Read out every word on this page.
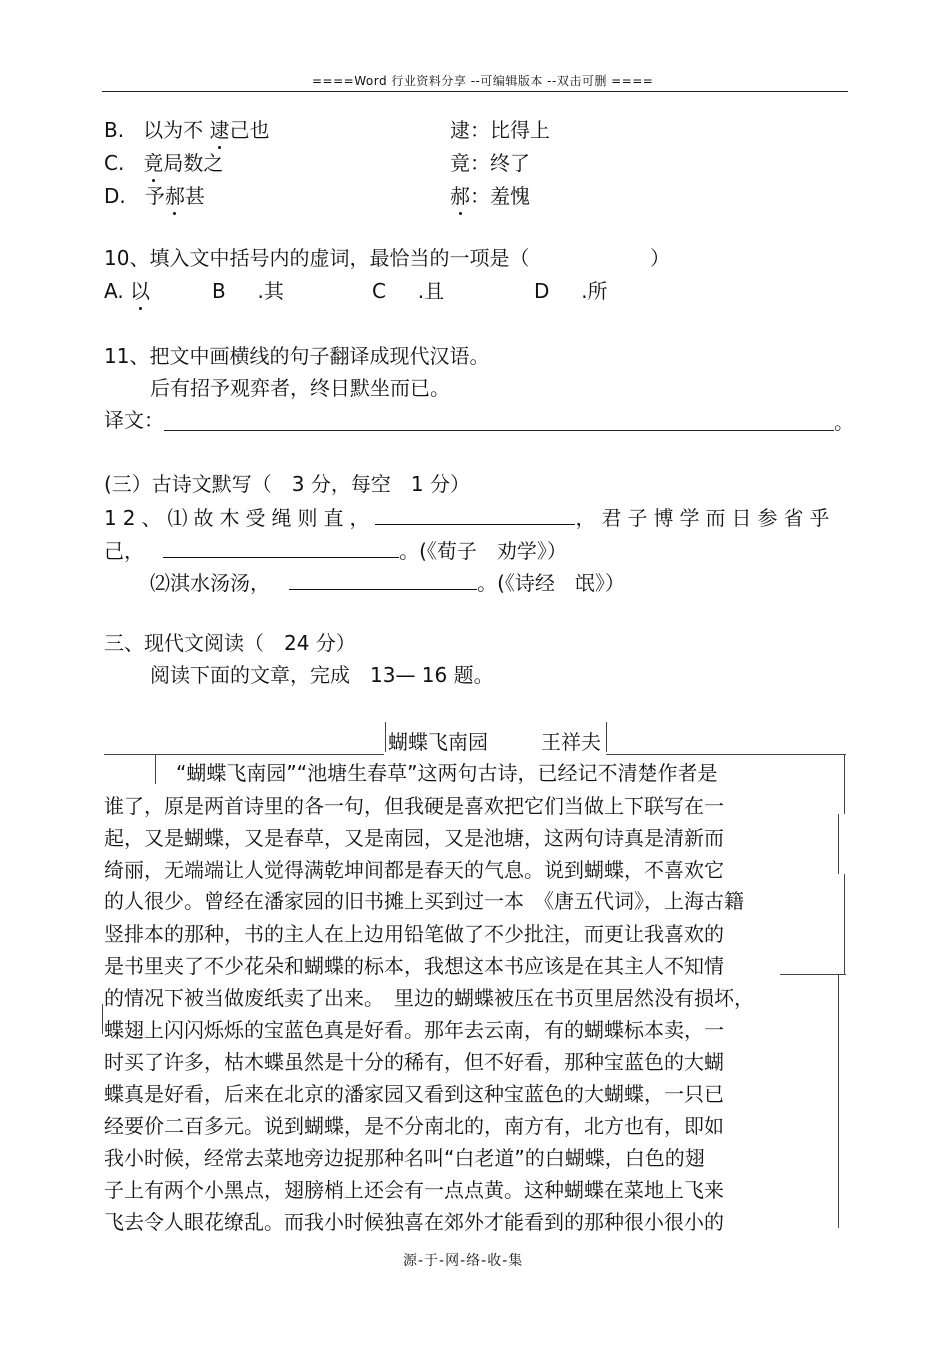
====Word 行业资料分享 --可编辑版本 --双击可删 ====
B. 以为不 逮己也	逮：比得上
C. 竟局数之	竟：终了
D. 予郝甚	郝：羞愧
10、填入文中括号内的虚词，最恰当的一项是（	）
A. 以	B .其	C .且	D .所
11、把文中画横线的句子翻译成现代汉语。
后有招予观弈者，终日默坐而已。
译文：	。
(三）古诗文默写（　3 分，每空　1 分）
12、⑴故木受绳则直，	，君子博学而日参省乎
己，	。(《荀子　劝学》）
⑵淇水汤汤，	。(《诗经　氓》）
三、现代文阅读（　24 分）
阅读下面的文章，完成　13— 16 题。
蝴蝶飞南园	王祥夫
“蝴蝶飞南园”“池塘生春草”这两句古诗，已经记不清楚作者是
谁了，原是两首诗里的各一句，但我硬是喜欢把它们当做上下联写在一
起，又是蝴蝶，又是春草，又是南园，又是池塘，这两句诗真是清新而
绮丽，无端端让人觉得满乾坤间都是春天的气息。说到蝴蝶，不喜欢它
的人很少。曾经在潘家园的旧书摊上买到过一本　《唐五代词》，上海古籍
竖排本的那种，书的主人在上边用铅笔做了不少批注，而更让我喜欢的
是书里夹了不少花朵和蝴蝶的标本，我想这本书应该是在其主人不知情
的情况下被当做废纸卖了出来。　里边的蝴蝶被压在书页里居然没有损坏，
蝶翅上闪闪烁烁的宝蓝色真是好看。那年去云南，有的蝴蝶标本卖，一
时买了许多，枯木蝶虽然是十分的稀有，但不好看，那种宝蓝色的大蝴
蝶真是好看，后来在北京的潘家园又看到这种宝蓝色的大蝴蝶，一只已
经要价二百多元。说到蝴蝶，是不分南北的，南方有，北方也有，即如
我小时候，经常去菜地旁边捉那种名叫“白老道”的白蝴蝶，白色的翅
子上有两个小黑点，翅膀梢上还会有一点点黄。这种蝴蝶在菜地上飞来
飞去令人眼花缭乱。而我小时候独喜在郊外才能看到的那种很小很小的
源-于-网-络-收-集
